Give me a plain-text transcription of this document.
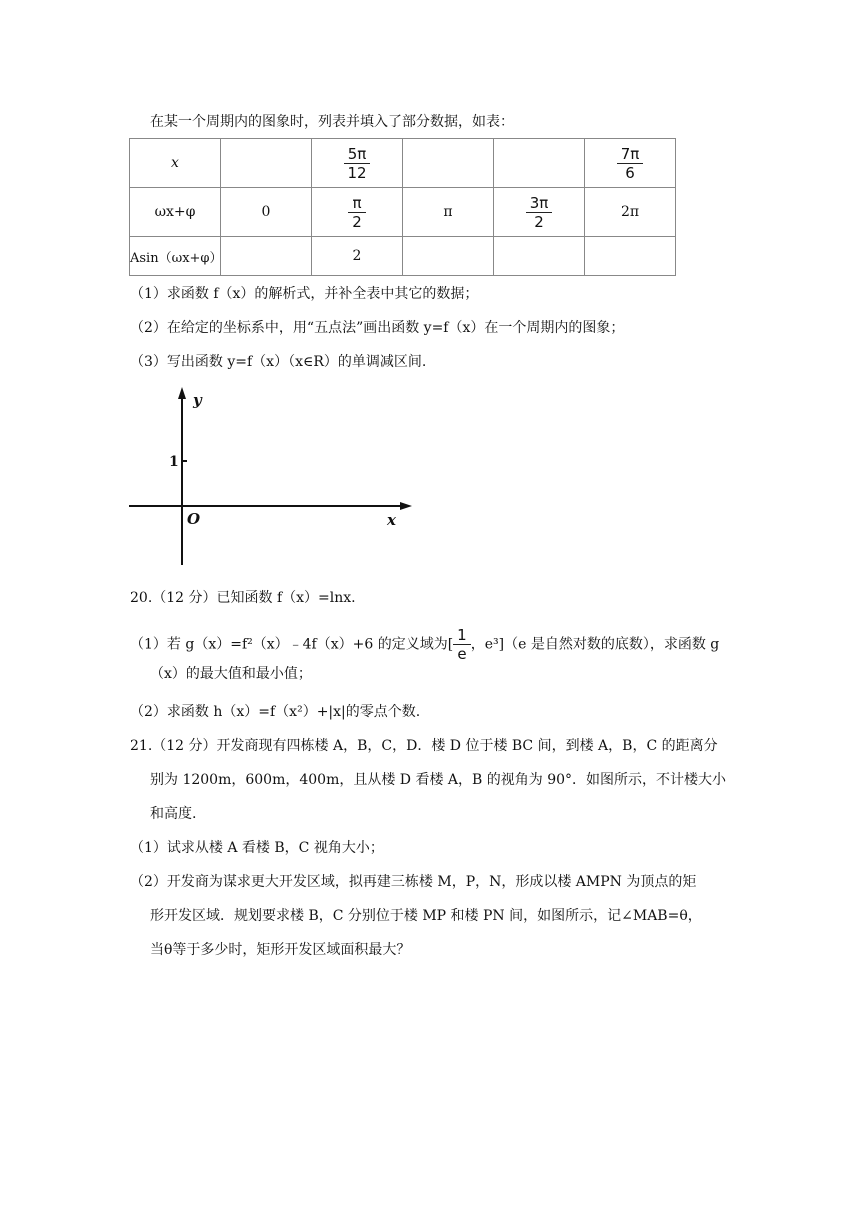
在某一个周期内的图象时，列表并填入了部分数据，如表：
x		$\frac{5\pi}{12}$			$\frac{7\pi}{6}$

ωx+φ	0	$\frac{\pi}{2}$	π	$\frac{3\pi}{2}$	2π
Asin（ωx+φ）		2			
（1）求函数 f（x）的解析式，并补全表中其它的数据；
（2）在给定的坐标系中，用“五点法”画出函数 y=f（x）在一个周期内的图象；
（3）写出函数 y=f（x）（x∈R）的单调减区间.
y
x
O
1
20.（12 分）已知函数 f（x）=lnx.
（1）若 g（x）=f²（x）﹣4f（x）+6 的定义域为[ $\frac{1}{e}$ ，e³]（e 是自然对数的底数），求函数 g
（x）的最大值和最小值；
（2）求函数 h（x）=f（x²）+|x|的零点个数.
21.（12 分）开发商现有四栋楼 A，B，C，D．楼 D 位于楼 BC 间，到楼 A，B，C 的距离分
别为 1200m，600m，400m，且从楼 D 看楼 A，B 的视角为 90°．如图所示，不计楼大小
和高度.
（1）试求从楼 A 看楼 B，C 视角大小；
（2）开发商为谋求更大开发区域，拟再建三栋楼 M，P，N，形成以楼 AMPN 为顶点的矩
形开发区域．规划要求楼 B，C 分别位于楼 MP 和楼 PN 间，如图所示，记∠MAB=θ，
当θ等于多少时，矩形开发区域面积最大？
